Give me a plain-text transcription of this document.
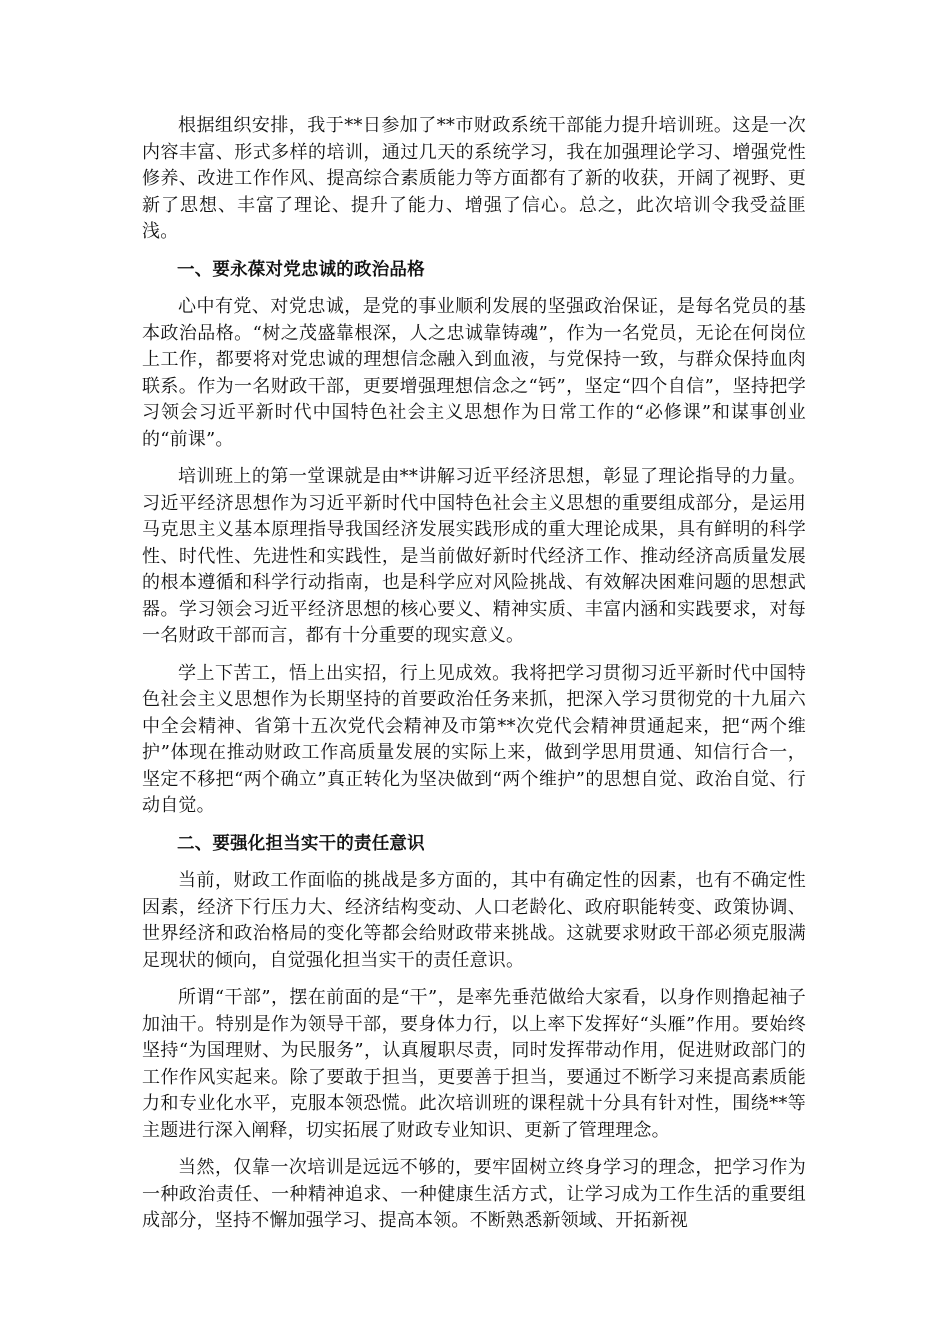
根据组织安排，我于**日参加了**市财政系统干部能力提升培训班。这是一次内容丰富、形式多样的培训，通过几天的系统学习，我在加强理论学习、增强党性修养、改进工作作风、提高综合素质能力等方面都有了新的收获，开阔了视野、更新了思想、丰富了理论、提升了能力、增强了信心。总之，此次培训令我受益匪浅。

一、要永葆对党忠诚的政治品格

心中有党、对党忠诚，是党的事业顺利发展的坚强政治保证，是每名党员的基本政治品格。“树之茂盛靠根深，人之忠诚靠铸魂”，作为一名党员，无论在何岗位上工作，都要将对党忠诚的理想信念融入到血液，与党保持一致，与群众保持血肉联系。作为一名财政干部，更要增强理想信念之“钙”，坚定“四个自信”，坚持把学习领会习近平新时代中国特色社会主义思想作为日常工作的“必修课”和谋事创业的“前课”。

培训班上的第一堂课就是由**讲解习近平经济思想，彰显了理论指导的力量。习近平经济思想作为习近平新时代中国特色社会主义思想的重要组成部分，是运用马克思主义基本原理指导我国经济发展实践形成的重大理论成果，具有鲜明的科学性、时代性、先进性和实践性，是当前做好新时代经济工作、推动经济高质量发展的根本遵循和科学行动指南，也是科学应对风险挑战、有效解决困难问题的思想武器。学习领会习近平经济思想的核心要义、精神实质、丰富内涵和实践要求，对每一名财政干部而言，都有十分重要的现实意义。

学上下苦工，悟上出实招，行上见成效。我将把学习贯彻习近平新时代中国特色社会主义思想作为长期坚持的首要政治任务来抓，把深入学习贯彻党的十九届六中全会精神、省第十五次党代会精神及市第**次党代会精神贯通起来，把“两个维护”体现在推动财政工作高质量发展的实际上来，做到学思用贯通、知信行合一，坚定不移把“两个确立”真正转化为坚决做到“两个维护”的思想自觉、政治自觉、行动自觉。

二、要强化担当实干的责任意识

当前，财政工作面临的挑战是多方面的，其中有确定性的因素，也有不确定性因素，经济下行压力大、经济结构变动、人口老龄化、政府职能转变、政策协调、世界经济和政治格局的变化等都会给财政带来挑战。这就要求财政干部必须克服满足现状的倾向，自觉强化担当实干的责任意识。

所谓“干部”，摆在前面的是“干”，是率先垂范做给大家看，以身作则撸起袖子加油干。特别是作为领导干部，要身体力行，以上率下发挥好“头雁”作用。要始终坚持“为国理财、为民服务”，认真履职尽责，同时发挥带动作用，促进财政部门的工作作风实起来。除了要敢于担当，更要善于担当，要通过不断学习来提高素质能力和专业化水平，克服本领恐慌。此次培训班的课程就十分具有针对性，围绕**等主题进行深入阐释，切实拓展了财政专业知识、更新了管理理念。

当然，仅靠一次培训是远远不够的，要牢固树立终身学习的理念，把学习作为一种政治责任、一种精神追求、一种健康生活方式，让学习成为工作生活的重要组成部分，坚持不懈加强学习、提高本领。不断熟悉新领域、开拓新视
